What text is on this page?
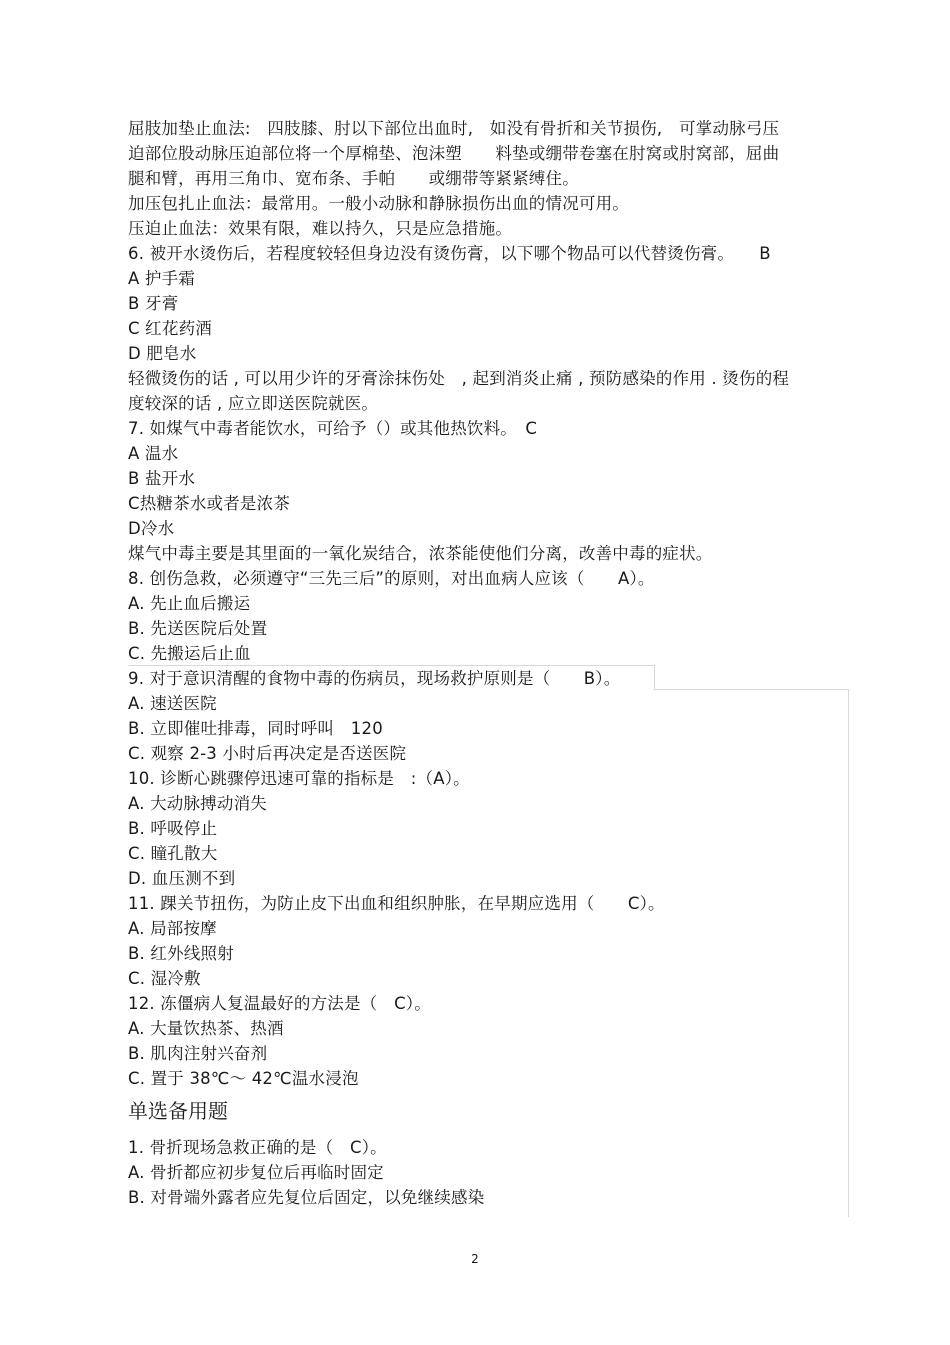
屈肢加垫止血法:　四肢膝、肘以下部位出血时,　如没有骨折和关节损伤,　可掌动脉弓压
迫部位股动脉压迫部位将一个厚棉垫、泡沫塑　　料垫或绷带卷塞在肘窝或肘窝部，屈曲
腿和臂，再用三角巾、宽布条、手帕　　或绷带等紧紧缚住。
加压包扎止血法：最常用。一般小动脉和静脉损伤出血的情况可用。
压迫止血法：效果有限，难以持久，只是应急措施。
6. 被开水烫伤后，若程度较轻但身边没有烫伤膏，以下哪个物品可以代替烫伤膏。　　B
A 护手霜
B 牙膏
C 红花药酒
D 肥皂水
轻微烫伤的话 , 可以用少许的牙膏涂抹伤处　, 起到消炎止痛 , 预防感染的作用 . 烫伤的程
度较深的话 , 应立即送医院就医。
7. 如煤气中毒者能饮水，可给予（）或其他热饮料。　C
A 温水
B 盐开水
C热糖茶水或者是浓茶
D冷水
煤气中毒主要是其里面的一氧化炭结合，浓茶能使他们分离，改善中毒的症状。
8. 创伤急救，必须遵守“三先三后”的原则，对出血病人应该（　　A）。
A. 先止血后搬运
B. 先送医院后处置
C. 先搬运后止血
9. 对于意识清醒的食物中毒的伤病员，现场救护原则是（　　B）。
A. 速送医院
B. 立即催吐排毒，同时呼叫　120
C. 观察 2-3 小时后再决定是否送医院
10. 诊断心跳骤停迅速可靠的指标是　:（A）。
A. 大动脉搏动消失
B. 呼吸停止
C. 瞳孔散大
D. 血压测不到
11. 踝关节扭伤，为防止皮下出血和组织肿胀，在早期应选用（　　C）。
A. 局部按摩
B. 红外线照射
C. 湿冷敷
12. 冻僵病人复温最好的方法是（　C）。
A. 大量饮热茶、热酒
B. 肌肉注射兴奋剂
C. 置于 38℃～ 42℃温水浸泡
单选备用题
1. 骨折现场急救正确的是（　C）。
A. 骨折都应初步复位后再临时固定
B. 对骨端外露者应先复位后固定，以免继续感染
2
